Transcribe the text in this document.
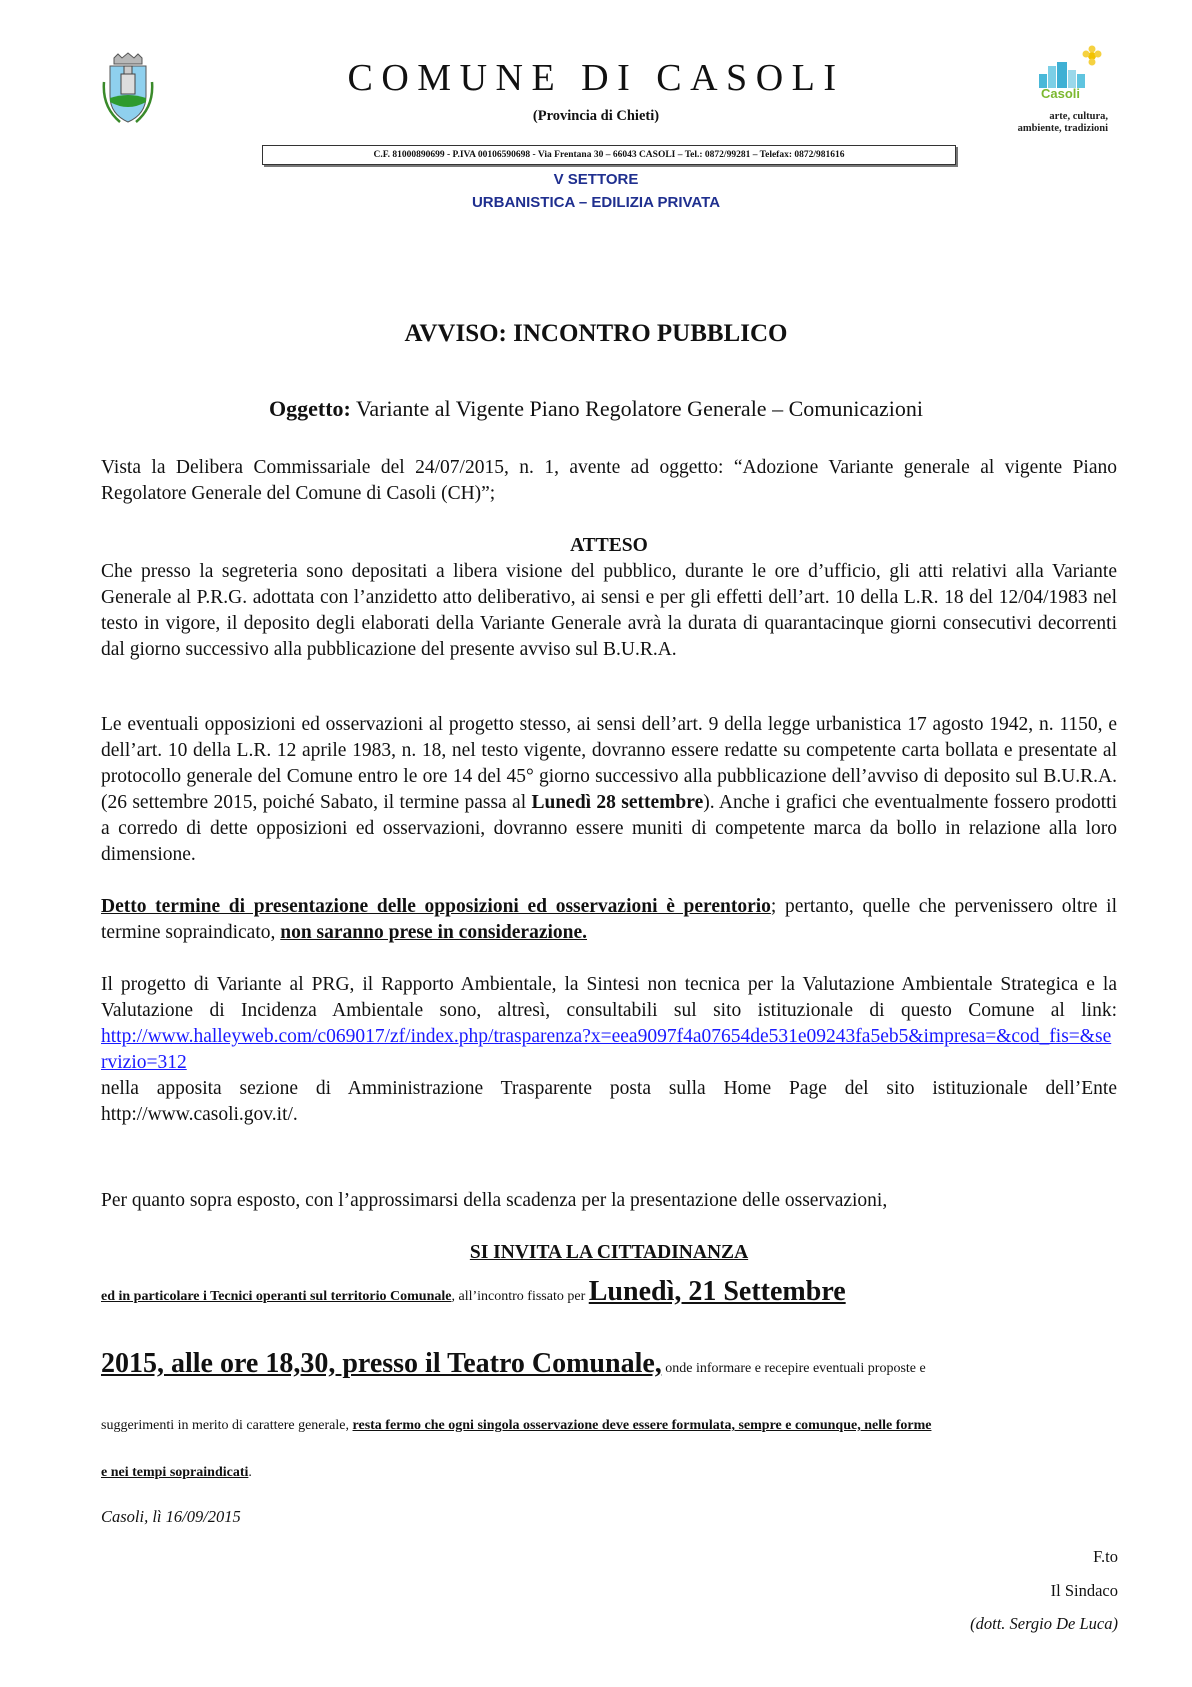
Casoli
arte, cultura,
ambiente, tradizioni
COMUNE DI CASOLI
(Provincia di Chieti)
C.F. 81000890699 - P.IVA 00106590698 - Via Frentana 30 – 66043 CASOLI – Tel.: 0872/99281 – Telefax: 0872/981616
V SETTORE
URBANISTICA – EDILIZIA PRIVATA
AVVISO: INCONTRO PUBBLICO
Oggetto: Variante al Vigente Piano Regolatore Generale – Comunicazioni
Vista la Delibera Commissariale del 24/07/2015, n. 1, avente ad oggetto: “Adozione Variante generale al vigente Piano Regolatore Generale del Comune di Casoli (CH)”;
ATTESO
Che presso la segreteria sono depositati a libera visione del pubblico, durante le ore d’ufficio, gli atti relativi alla Variante Generale al P.R.G. adottata con l’anzidetto atto deliberativo, ai sensi e per gli effetti dell’art. 10 della L.R. 18 del 12/04/1983 nel testo in vigore, il deposito degli elaborati della Variante Generale avrà la durata di quarantacinque giorni consecutivi decorrenti dal giorno successivo alla pubblicazione del presente avviso sul B.U.R.A.
Le eventuali opposizioni ed osservazioni al progetto stesso, ai sensi dell’art. 9 della legge urbanistica 17 agosto 1942, n. 1150, e dell’art. 10 della L.R. 12 aprile 1983, n. 18, nel testo vigente, dovranno essere redatte su competente carta bollata e presentate al protocollo generale del Comune entro le ore 14 del 45° giorno successivo alla pubblicazione dell’avviso di deposito sul B.U.R.A. (26 settembre 2015, poiché Sabato, il termine passa al Lunedì 28 settembre). Anche i grafici che eventualmente fossero prodotti a corredo di dette opposizioni ed osservazioni, dovranno essere muniti di competente marca da bollo in relazione alla loro dimensione.
Detto termine di presentazione delle opposizioni ed osservazioni è perentorio; pertanto, quelle che pervenissero oltre il termine sopraindicato, non saranno prese in considerazione.
Il progetto di Variante al PRG, il Rapporto Ambientale, la Sintesi non tecnica per la Valutazione Ambientale Strategica e la Valutazione di Incidenza Ambientale sono, altresì, consultabili sul sito istituzionale di questo Comune al link:
http://www.halleyweb.com/c069017/zf/index.php/trasparenza?x=eea9097f4a07654de531e09243fa5eb5&impresa=&cod_fis=&servizio=312
nella apposita sezione di Amministrazione Trasparente posta sulla Home Page del sito istituzionale dell’Ente http://www.casoli.gov.it/.
Per quanto sopra esposto, con l’approssimarsi della scadenza per la presentazione delle osservazioni,
SI INVITA LA CITTADINANZA
ed in particolare i Tecnici operanti sul territorio Comunale, all’incontro fissato per Lunedì, 21 Settembre
2015, alle ore 18,30, presso il Teatro Comunale, onde informare e recepire eventuali proposte e
suggerimenti in merito di carattere generale, resta fermo che ogni singola osservazione deve essere formulata, sempre e comunque, nelle forme
e nei tempi sopraindicati.
Casoli, lì 16/09/2015
F.to
Il Sindaco
(dott. Sergio De Luca)
